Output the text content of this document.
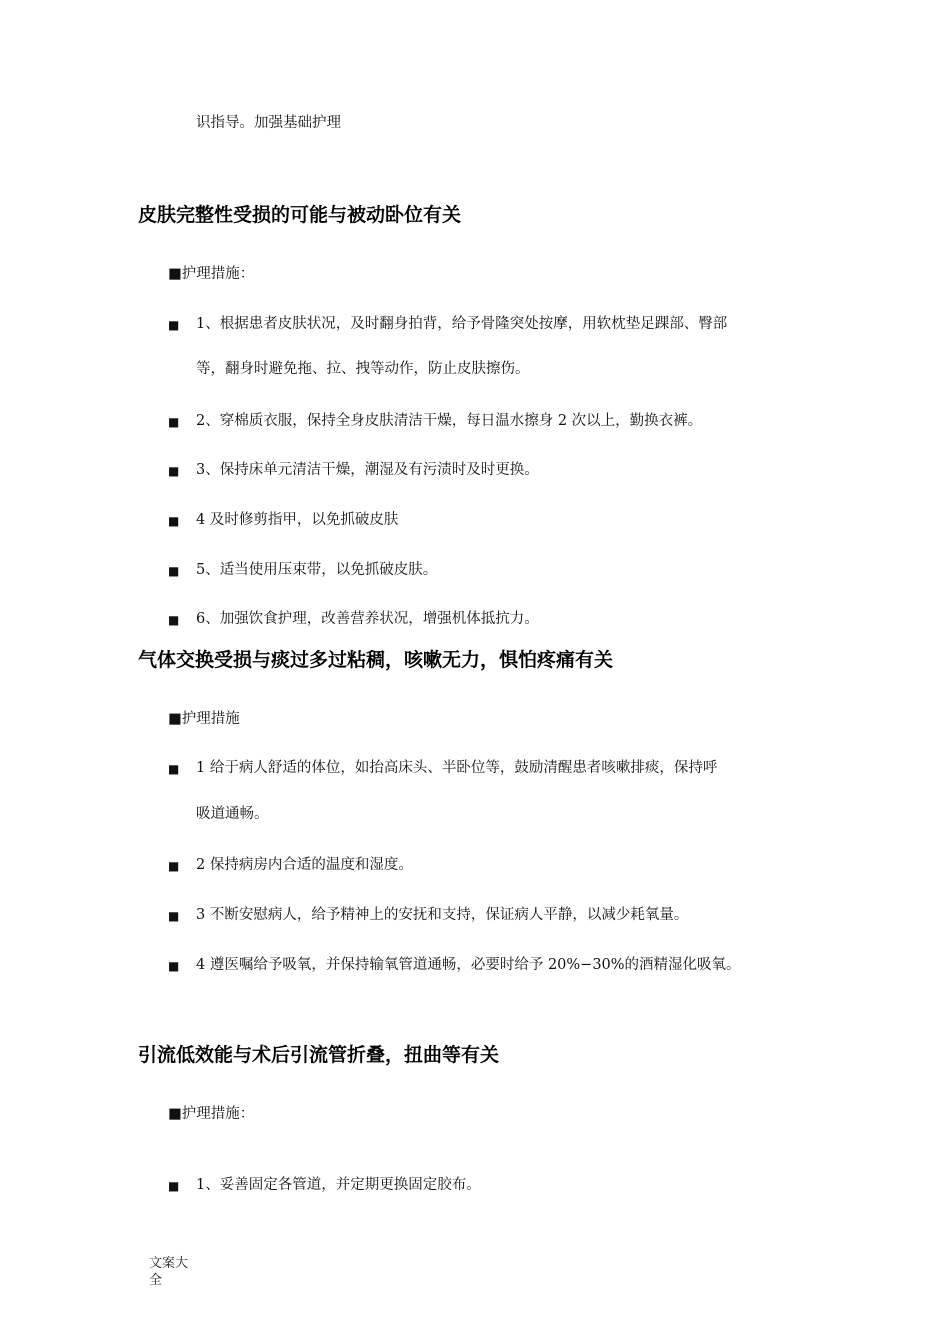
识指导。加强基础护理
皮肤完整性受损的可能与被动卧位有关
■护理措施：
■ 1、根据患者皮肤状况，及时翻身拍背，给予骨隆突处按摩，用软枕垫足踝部、臀部
等，翻身时避免拖、拉、拽等动作，防止皮肤擦伤。
■ 2、穿棉质衣服，保持全身皮肤清洁干燥，每日温水擦身 2 次以上，勤换衣裤。
■ 3、保持床单元清洁干燥，潮湿及有污渍时及时更换。
■ 4 及时修剪指甲，以免抓破皮肤
■ 5、适当使用压束带，以免抓破皮肤。
■ 6、加强饮食护理，改善营养状况，增强机体抵抗力。
气体交换受损与痰过多过粘稠，咳嗽无力，惧怕疼痛有关
■护理措施
■ 1 给于病人舒适的体位，如抬高床头、半卧位等，鼓励清醒患者咳嗽排痰，保持呼
吸道通畅。
■ 2 保持病房内合适的温度和湿度。
■ 3 不断安慰病人，给予精神上的安抚和支持，保证病人平静，以减少耗氧量。
■ 4 遵医嘱给予吸氧，并保持输氧管道通畅，必要时给予 20%−30%的酒精湿化吸氧。
引流低效能与术后引流管折叠，扭曲等有关
■护理措施：
■ 1、妥善固定各管道，并定期更换固定胶布。
文案大
全
